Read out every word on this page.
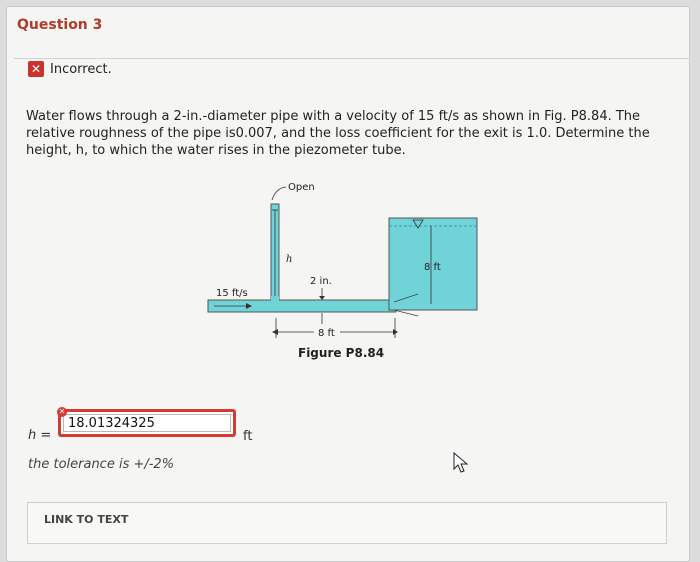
Question 3
✕ Incorrect.
Water flows through a 2-in.-diameter pipe with a velocity of 15 ft/s as shown in Fig. P8.84. The relative roughness of the pipe is0.007, and the loss coefficient for the exit is 1.0. Determine the height, h, to which the water rises in the piezometer tube.
Open
h
15 ft/s
2 in.
8 ft
8 ft
Figure P8.84
h =
18.01324325
✕
ft
the tolerance is +/-2%
LINK TO TEXT
